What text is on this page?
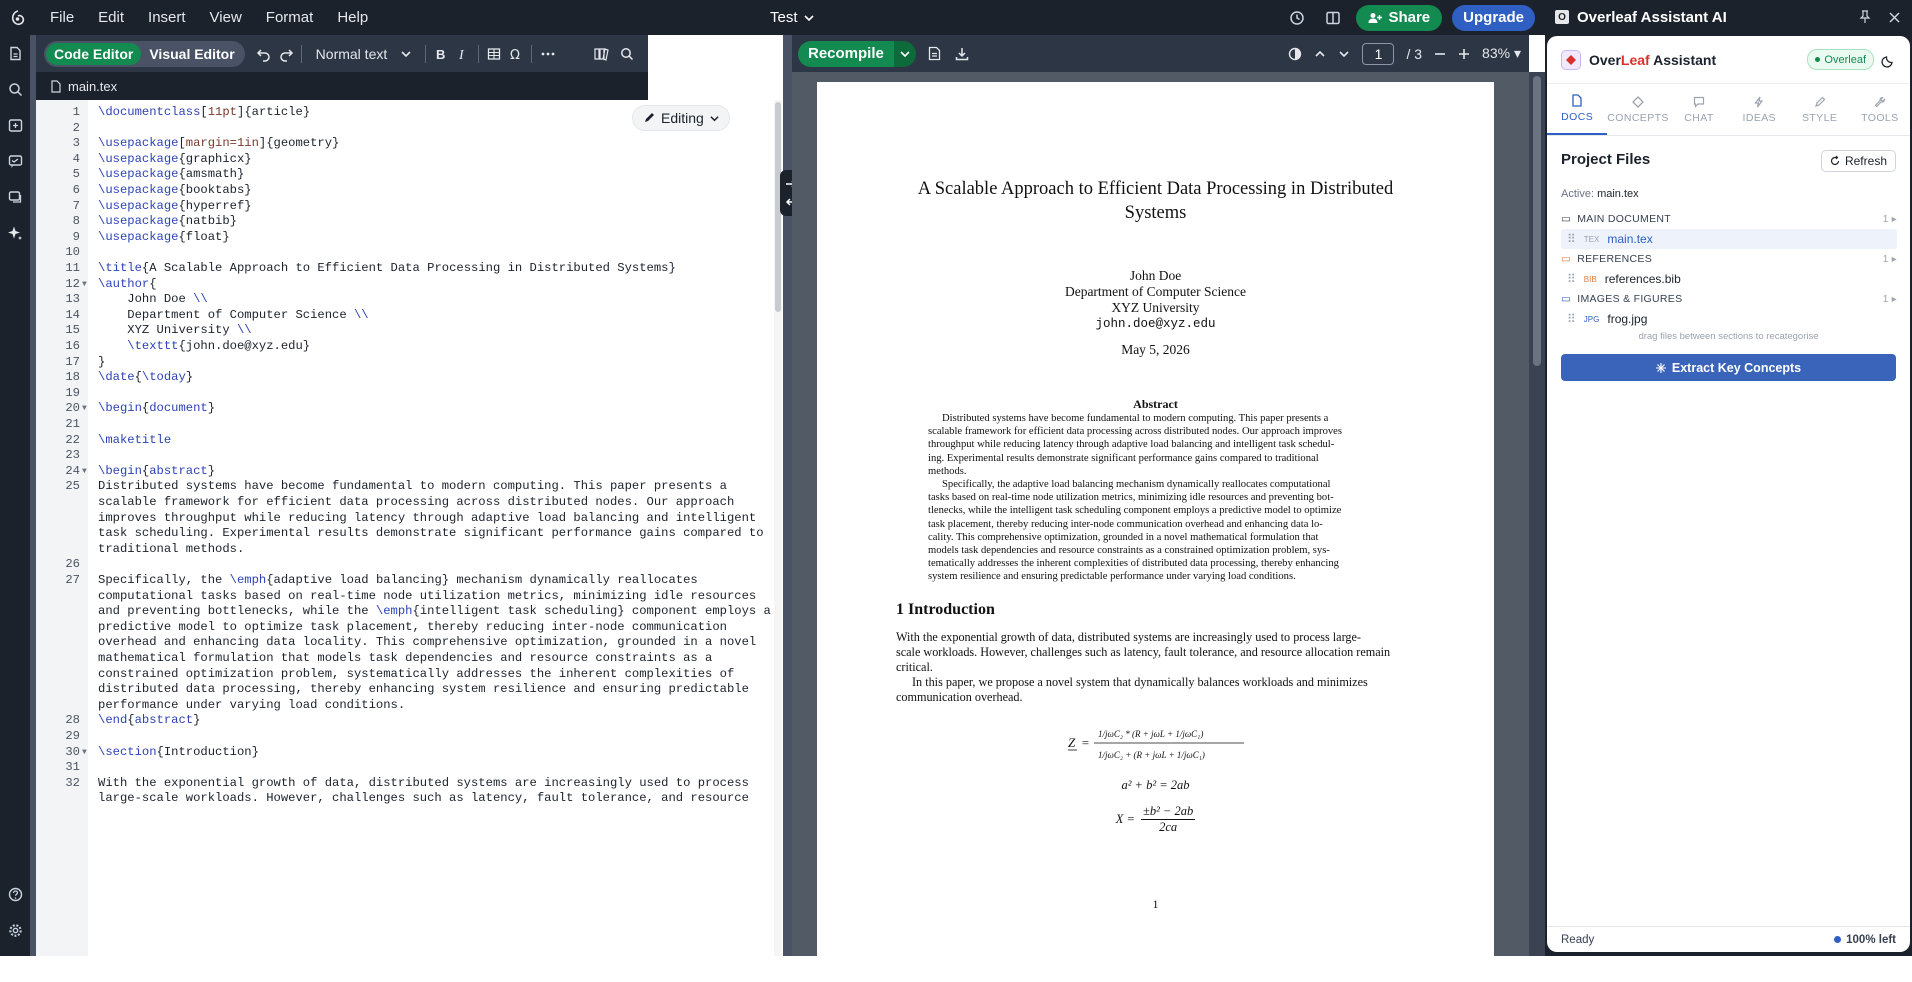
File	Edit	Insert	View	Format	Help	Test	Share	Upgrade
Code Editor	Visual Editor	Normal text	B I	Ω
main.tex
1 \documentclass[11pt]{article}
2
3 \usepackage[margin=1in]{geometry}
4 \usepackage{graphicx}
5 \usepackage{amsmath}
6 \usepackage{booktabs}
7 \usepackage{hyperref}
8 \usepackage{natbib}
9 \usepackage{float}
10
11 \title{A Scalable Approach to Efficient Data Processing in Distributed Systems}
12 ▼ \author{
13 John Doe \\
14 Department of Computer Science \\
15 XYZ University \\
16	\texttt{john.doe@xyz.edu}
17 }
18 \date{\today}
19
20 ▼ \begin{document}
21
22 \maketitle
23
24 ▼ \begin{abstract}
25 Distributed systems have become fundamental to modern computing. This paper presents a
scalable framework for efficient data processing across distributed nodes. Our approach
improves throughput while reducing latency through adaptive load balancing and intelligent
task scheduling. Experimental results demonstrate significant performance gains compared to
traditional methods.
26
27 Specifically, the \emph{adaptive load balancing} mechanism dynamically reallocates
computational tasks based on real-time node utilization metrics, minimizing idle resources
and preventing bottlenecks, while the \emph{intelligent task scheduling} component employs a
predictive model to optimize task placement, thereby reducing inter-node communication
overhead and enhancing data locality. This comprehensive optimization, grounded in a novel
mathematical formulation that models task dependencies and resource constraints as a
constrained optimization problem, systematically addresses the inherent complexities of
distributed data processing, thereby enhancing system resilience and ensuring predictable
performance under varying load conditions.
28 \end{abstract}
29
30 ▼ \section{Introduction}
31
32 With the exponential growth of data, distributed systems are increasingly used to process
large-scale workloads. However, challenges such as latency, fault tolerance, and resource
Editing
Recompile	1	/ 3	83% ▾
A Scalable Approach to Efficient Data Processing in Distributed
Systems
John Doe
Department of Computer Science
XYZ University
john.doe@xyz.edu
May 5, 2026
Abstract
Distributed systems have become fundamental to modern computing. This paper presents a
scalable framework for efficient data processing across distributed nodes. Our approach improves
throughput while reducing latency through adaptive load balancing and intelligent task schedul-
ing. Experimental results demonstrate significant performance gains compared to traditional
methods.
Specifically, the adaptive load balancing mechanism dynamically reallocates computational
tasks based on real-time node utilization metrics, minimizing idle resources and preventing bot-
tlenecks, while the intelligent task scheduling component employs a predictive model to optimize
task placement, thereby reducing inter-node communication overhead and enhancing data lo-
cality. This comprehensive optimization, grounded in a novel mathematical formulation that
models task dependencies and resource constraints as a constrained optimization problem, sys-
tematically addresses the inherent complexities of distributed data processing, thereby enhancing
system resilience and ensuring predictable performance under varying load conditions.
1 Introduction
With the exponential growth of data, distributed systems are increasingly used to process large-
scale workloads. However, challenges such as latency, fault tolerance, and resource allocation remain
critical.
In this paper, we propose a novel system that dynamically balances workloads and minimizes
communication overhead.
Z =
1/jωC₂ * (R + jωL + 1/jωC₁)
1/jωC₂ + (R + jωL + 1/jωC₁)
a² + b² = 2ab
$X = \frac{\text{±b² − 2ab}}{2ca}$
1
O Overleaf Assistant AI
OverLeaf Assistant	Overleaf
DOCS CONCEPTS CHAT	IDEAS STYLE TOOLS
Project Files	Refresh
Active: main.tex
▭ MAIN DOCUMENT	1 ▸
⠿ TEX main.tex
▭ REFERENCES	1 ▸
⠿ BIB references.bib
▭ IMAGES & FIGURES	1 ▸
⠿ JPG frog.jpg
drag files between sections to recategorise
Extract Key Concepts
Ready	100% left
